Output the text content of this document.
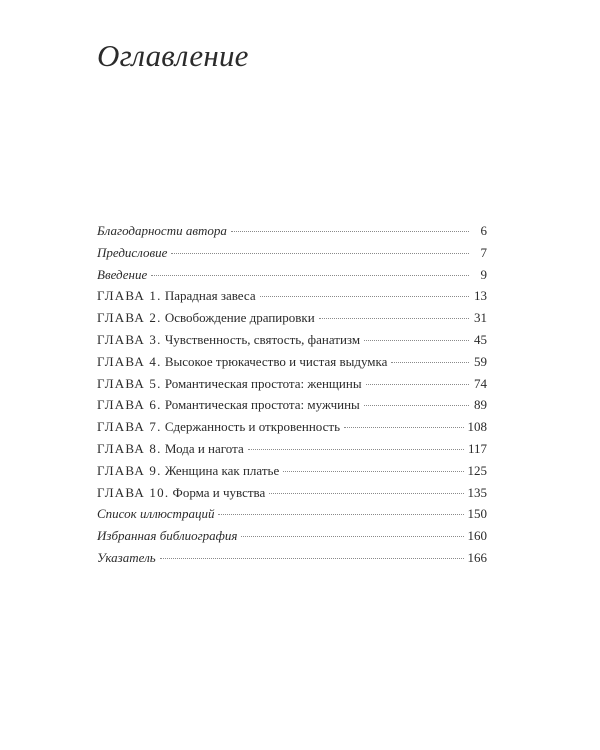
Оглавление
Благодарности автора	6
Предисловие	7
Введение	9
ГЛАВА 1. Парадная завеса	13
ГЛАВА 2. Освобождение драпировки	31
ГЛАВА 3. Чувственность, святость, фанатизм	45
ГЛАВА 4. Высокое трюкачество и чистая выдумка	59
ГЛАВА 5. Романтическая простота: женщины	74
ГЛАВА 6. Романтическая простота: мужчины	89
ГЛАВА 7. Сдержанность и откровенность	108
ГЛАВА 8. Мода и нагота	117
ГЛАВА 9. Женщина как платье	125
ГЛАВА 10. Форма и чувства	135
Список иллюстраций	150
Избранная библиография	160
Указатель	166
